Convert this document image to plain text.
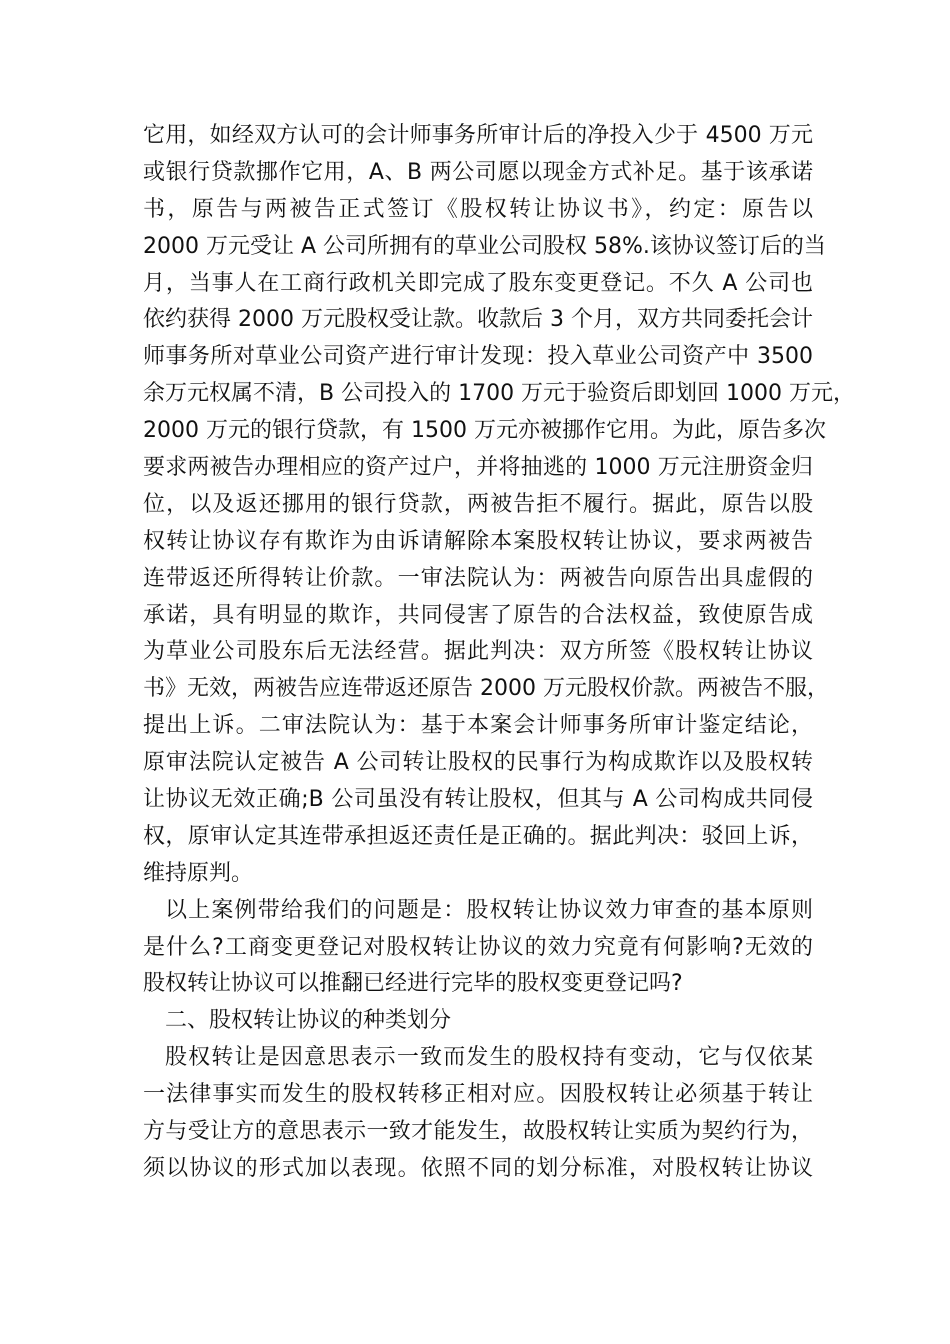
它用，如经双方认可的会计师事务所审计后的净投入少于 4500 万元
或银行贷款挪作它用，A、B 两公司愿以现金方式补足。基于该承诺
书，原告与两被告正式签订《股权转让协议书》，约定：原告以
2000 万元受让 A 公司所拥有的草业公司股权 58%.该协议签订后的当
月，当事人在工商行政机关即完成了股东变更登记。不久 A 公司也
依约获得 2000 万元股权受让款。收款后 3 个月，双方共同委托会计
师事务所对草业公司资产进行审计发现：投入草业公司资产中 3500
余万元权属不清，B 公司投入的 1700 万元于验资后即划回 1000 万元，
2000 万元的银行贷款，有 1500 万元亦被挪作它用。为此，原告多次
要求两被告办理相应的资产过户，并将抽逃的 1000 万元注册资金归
位，以及返还挪用的银行贷款，两被告拒不履行。据此，原告以股
权转让协议存有欺诈为由诉请解除本案股权转让协议，要求两被告
连带返还所得转让价款。一审法院认为：两被告向原告出具虚假的
承诺，具有明显的欺诈，共同侵害了原告的合法权益，致使原告成
为草业公司股东后无法经营。据此判决：双方所签《股权转让协议
书》无效，两被告应连带返还原告 2000 万元股权价款。两被告不服，
提出上诉。二审法院认为：基于本案会计师事务所审计鉴定结论，
原审法院认定被告 A 公司转让股权的民事行为构成欺诈以及股权转
让协议无效正确;B 公司虽没有转让股权，但其与 A 公司构成共同侵
权，原审认定其连带承担返还责任是正确的。据此判决：驳回上诉，
维持原判。
以上案例带给我们的问题是：股权转让协议效力审查的基本原则
是什么?工商变更登记对股权转让协议的效力究竟有何影响?无效的
股权转让协议可以推翻已经进行完毕的股权变更登记吗?
二、股权转让协议的种类划分
股权转让是因意思表示一致而发生的股权持有变动，它与仅依某
一法律事实而发生的股权转移正相对应。因股权转让必须基于转让
方与受让方的意思表示一致才能发生，故股权转让实质为契约行为，
须以协议的形式加以表现。依照不同的划分标准，对股权转让协议
